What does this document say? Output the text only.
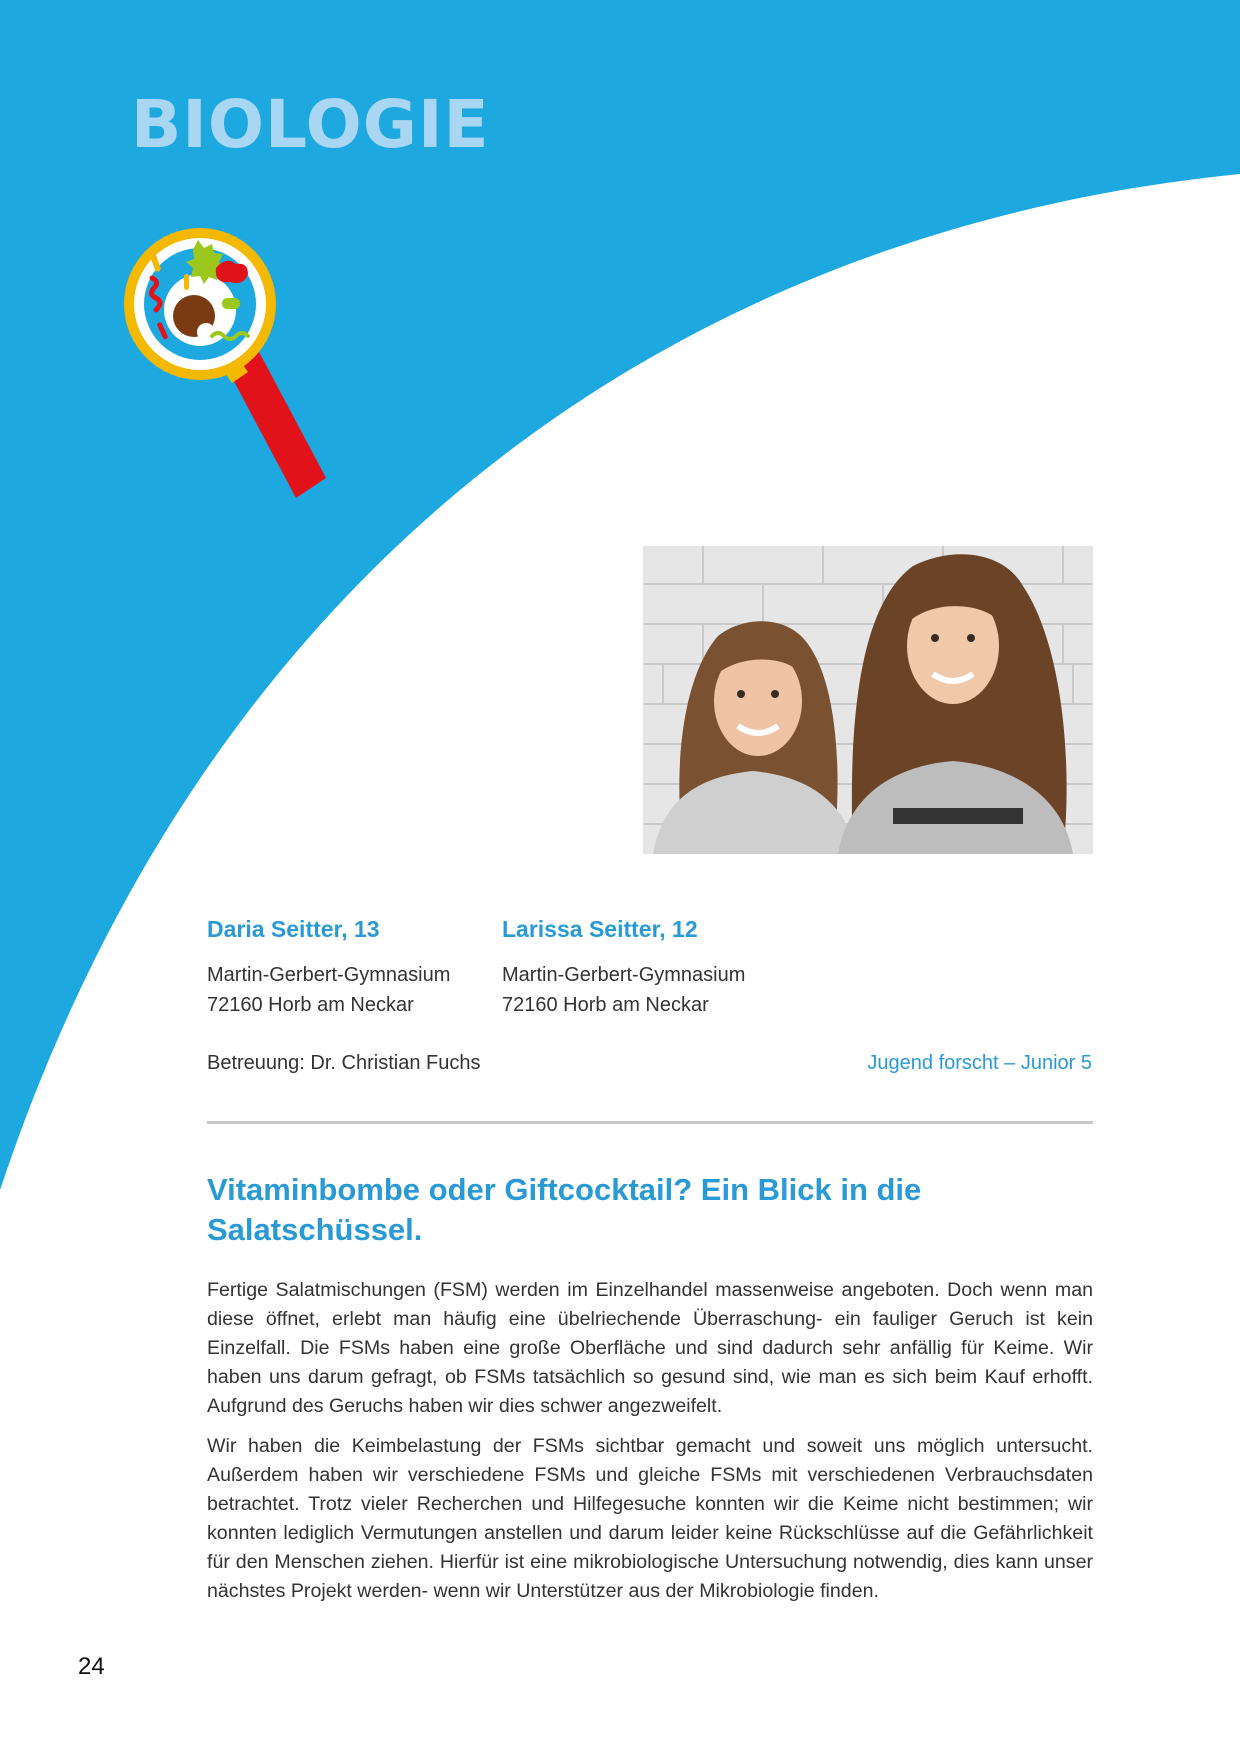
BIOLOGIE
Daria Seitter, 13
Martin-Gerbert-Gymnasium
72160 Horb am Neckar
Larissa Seitter, 12
Martin-Gerbert-Gymnasium
72160 Horb am Neckar
Betreuung: Dr. Christian Fuchs	Jugend forscht – Junior 5
Vitaminbombe oder Giftcocktail? Ein Blick in die Salatschüssel.

Fertige Salatmischungen (FSM) werden im Einzelhandel massenweise angeboten. Doch wenn man diese öffnet, erlebt man häufig eine übelriechende Überraschung- ein fauliger Geruch ist kein Einzelfall. Die FSMs haben eine große Oberfläche und sind dadurch sehr anfällig für Keime. Wir haben uns darum gefragt, ob FSMs tatsächlich so gesund sind, wie man es sich beim Kauf erhofft. Aufgrund des Geruchs haben wir dies schwer angezweifelt.

Wir haben die Keimbelastung der FSMs sichtbar gemacht und soweit uns möglich untersucht. Außerdem haben wir verschiedene FSMs und gleiche FSMs mit verschiedenen Verbrauchsdaten betrachtet. Trotz vieler Recherchen und Hilfegesuche konnten wir die Keime nicht bestimmen; wir konnten lediglich Vermutungen anstellen und darum leider keine Rückschlüsse auf die Gefährlichkeit für den Menschen ziehen. Hierfür ist eine mikrobiologische Untersuchung notwendig, dies kann unser nächstes Projekt werden- wenn wir Unterstützer aus der Mikrobiologie finden.

24
